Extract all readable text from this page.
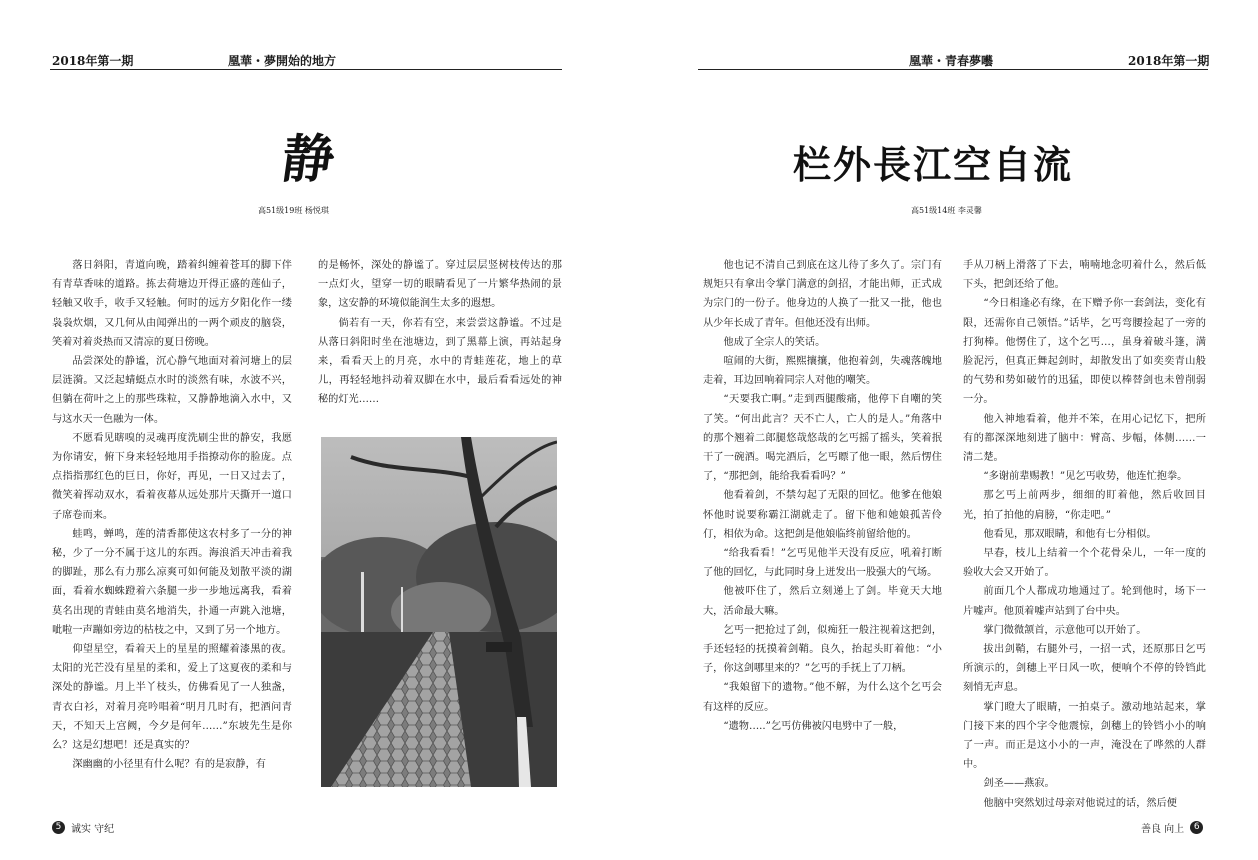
2018年第一期	凰華・夢開始的地方
静
高51级19班 杨悦琪

落日斜阳，青道向晚，踏着纠缠着苍耳的脚下伴有青草香味的道路。拣去荷塘边开得正盛的莲仙子，轻触又收手，收手又轻触。何时的远方夕阳化作一缕袅袅炊烟，又几何从由闻弹出的一两个顽皮的脑袋，笑着对着炎热而又清凉的夏日傍晚。

品尝深处的静谧，沉心静气地面对着河塘上的层层涟漪。又泛起蜻蜓点水时的淡然有味，水波不兴，但躺在荷叶之上的那些珠粒，又静静地滴入水中，又与这水天一色融为一体。

不愿看见瞎嗅的灵魂再度洗刷尘世的静安，我愿为你请安，俯下身来轻轻地用手指撩动你的脸庞。点点指指那红色的巨日，你好，再见，一日又过去了，微笑着挥动双水，看着夜幕从远处那片天撕开一道口子席卷而来。

蛙鸣，蝉鸣，莲的清香都使这农村多了一分的神秘，少了一分不属于这儿的东西。海浪滔天冲击着我的脚趾，那么有力那么凉爽可如何能及划散平淡的湖面，看着水蜘蛛蹬着六条腿一步一步地远离我，看着莫名出现的青蛙由莫名地消失，扑通一声跳入池塘，呲啦一声蹦如旁边的枯枝之中，又到了另一个地方。

仰望星空，看着天上的星星的照耀着漆黑的夜。太阳的光芒没有星星的柔和，爱上了这夏夜的柔和与深处的静谧。月上半丫枝头，仿佛看见了一人独盏，青衣白衫，对着月亮吟唱着“明月几时有，把酒问青天，不知天上宫阙，今夕是何年……”东坡先生是你么？这是幻想吧！还是真实的？

深幽幽的小径里有什么呢？有的是寂静，有

的是畅怀，深处的静谧了。穿过层层竖树枝传达的那一点灯火，望穿一切的眼睛看见了一片繁华热闹的景象，这安静的环境似能润生太多的遐想。

倘若有一天，你若有空，来尝尝这静谧。不过是从落日斜阳时坐在池塘边，到了黑幕上演，再站起身来，看看天上的月亮，水中的青蛙莲花，地上的草儿，再轻轻地抖动着双脚在水中，最后看看远处的神秘的灯光……

5 诚实 守纪
凰華・青春夢囈	2018年第一期
栏外長江空自流
高51级14班 李灵馨

他也记不清自己到底在这儿待了多久了。宗门有规矩只有拿出令掌门满意的剑招，才能出师，正式成为宗门的一份子。他身边的人换了一批又一批，他也从少年长成了青年。但他还没有出师。

他成了全宗人的笑话。

喧闹的大街，熙熙攘攘，他抱着剑，失魂落魄地走着，耳边回响着同宗人对他的嘲笑。

“天要我亡啊。”走到西腿酸痛，他停下自嘲的笑了笑。“何出此言？天不亡人，亡人的是人。”角落中的那个翘着二郎腿悠哉悠哉的乞丐摇了摇头，笑着抿干了一碗酒。喝完酒后，乞丐瞟了他一眼，然后愣住了，“那把剑，能给我看看吗？”

他看着剑，不禁勾起了无限的回忆。他爹在他娘怀他时说要称霸江湖就走了。留下他和她娘孤苦伶仃，相依为命。这把剑是他娘临终前留给他的。

“给我看看！”乞丐见他半天没有反应，吼着打断了他的回忆，与此同时身上迸发出一股强大的气场。

他被吓住了，然后立刻递上了剑。毕竟天大地大，活命最大嘛。

乞丐一把抢过了剑，似痴狂一般注视着这把剑，手还轻轻的抚摸着剑鞘。良久，抬起头盯着他：“小子，你这剑哪里来的？”乞丐的手抚上了刀柄。

“我娘留下的遗物。”他不解，为什么这个乞丐会有这样的反应。

“遗物…..”乞丐仿佛被闪电劈中了一般，

手从刀柄上滑落了下去，喃喃地念叨着什么，然后低下头，把剑还给了他。

“今日相逢必有缘，在下赠予你一套剑法，变化有限，还需你自己领悟。”话毕，乞丐弯腰捡起了一旁的打狗棒。他愣住了，这个乞丐…，虽身着破斗篷，满脸泥污，但真正舞起剑时，却散发出了如奕奕青山般的气势和势如破竹的迅猛，即使以棒替剑也未曾削弱一分。

他入神地看着，他并不笨，在用心记忆下，把所有的都深深地刻进了脑中：臂高、步幅，体侧……一清二楚。

“多谢前辈赐教！”见乞丐收势，他连忙抱拳。

那乞丐上前两步，细细的盯着他，然后收回目光，拍了拍他的肩膀，“你走吧。”

他看见，那双眼睛，和他有七分相似。

早春，枝儿上结着一个个花骨朵儿，一年一度的验收大会又开始了。

前面几个人都成功地通过了。轮到他时，场下一片嘘声。他顶着嘘声站到了台中央。

掌门微微颔首，示意他可以开始了。

拔出剑鞘，右腿外弓，一招一式，还原那日乞丐所演示的，剑穗上平日风一吹，便响个不停的铃铛此刻悄无声息。

掌门瞪大了眼睛，一拍桌子。激动地站起来，掌门接下来的四个字令他震惊，剑穗上的铃铛小小的响了一声。而正是这小小的一声，淹没在了哗然的人群中。

剑圣——燕寂。

他脑中突然划过母亲对他说过的话，然后便

善良 向上	6
